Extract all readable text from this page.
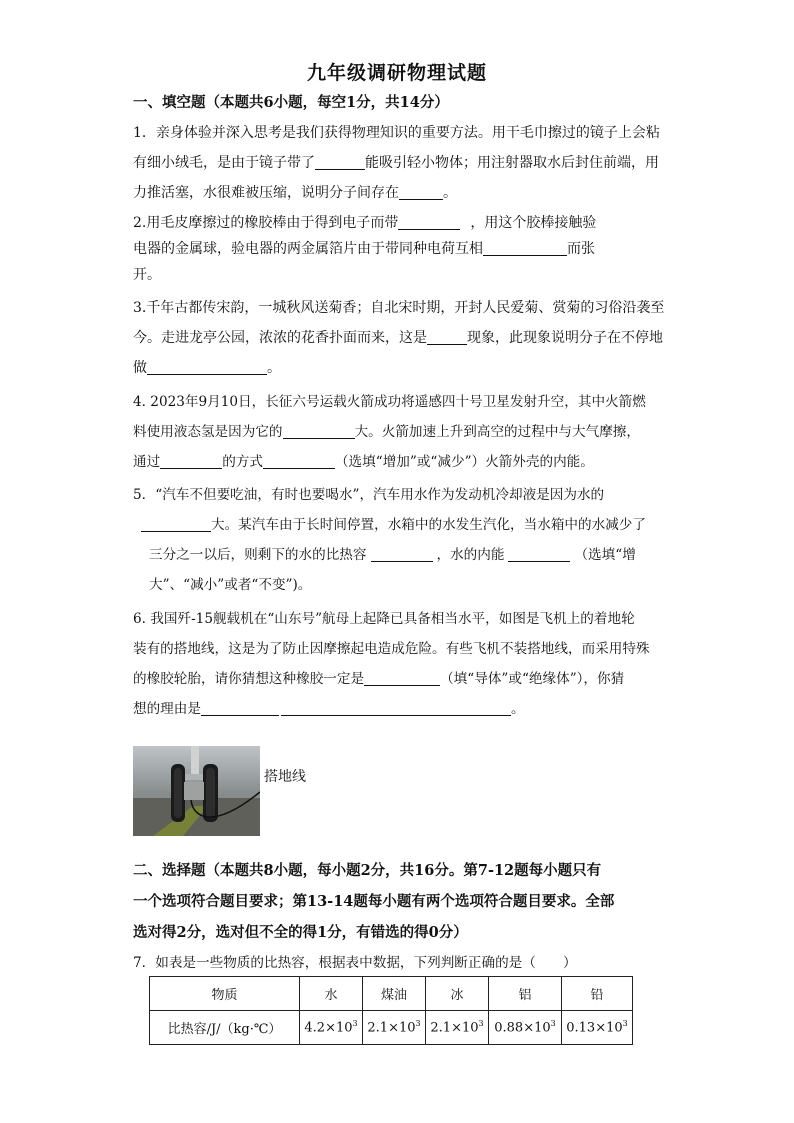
九年级调研物理试题
一、填空题（本题共6小题，每空1分，共14分）
1．亲身体验并深入思考是我们获得物理知识的重要方法。用干毛巾擦过的镜子上会粘
有细小绒毛，是由于镜子带了	能吸引轻小物体；用注射器取水后封住前端，用
力推活塞，水很难被压缩，说明分子间存在	。
2.用毛皮摩擦过的橡胶棒由于得到电子而带	，用这个胶棒接触验
电器的金属球，验电器的两金属箔片由于带同种电荷互相	而张
开。
3.千年古都传宋韵，一城秋风送菊香；自北宋时期，开封人民爱菊、赏菊的习俗沿袭至
今。走进龙亭公园，浓浓的花香扑面而来，这是	现象，此现象说明分子在不停地
做	。
4. 2023年9月10日，长征六号运载火箭成功将遥感四十号卫星发射升空，其中火箭燃
料使用液态氢是因为它的	大。火箭加速上升到高空的过程中与大气摩擦，
通过	的方式	（选填“增加”或“减少”）火箭外壳的内能。
5．“汽车不但要吃油，有时也要喝水”，汽车用水作为发动机冷却液是因为水的
大。某汽车由于长时间停置，水箱中的水发生汽化，当水箱中的水减少了
三分之一以后，则剩下的水的比热容	，水的内能	（选填“增
大”、“减小”或者“不变”)。
6. 我国歼-15舰载机在“山东号”航母上起降已具备相当水平，如图是飞机上的着地轮
装有的搭地线，这是为了防止因摩擦起电造成危险。有些飞机不装搭地线，而采用特殊
的橡胶轮胎，请你猜想这种橡胶一定是	（填“导体”或“绝缘体”），你猜
想的理由是	。
搭地线
二、选择题（本题共8小题，每小题2分，共16分。第7-12题每小题只有
一个选项符合题目要求；第13-14题每小题有两个选项符合题目要求。全部
选对得2分，选对但不全的得1分，有错选的得0分）
7．如表是一些物质的比热容，根据表中数据，下列判断正确的是（　　）
物质	水	煤油	冰	铝	铅
比热容/J/（kg·℃）	$4.2\times 10^3$	$2.1\times 10^3$	$2.1\times 10^3$	$0.88\times 10^3$	$0.13\times 10^3$
